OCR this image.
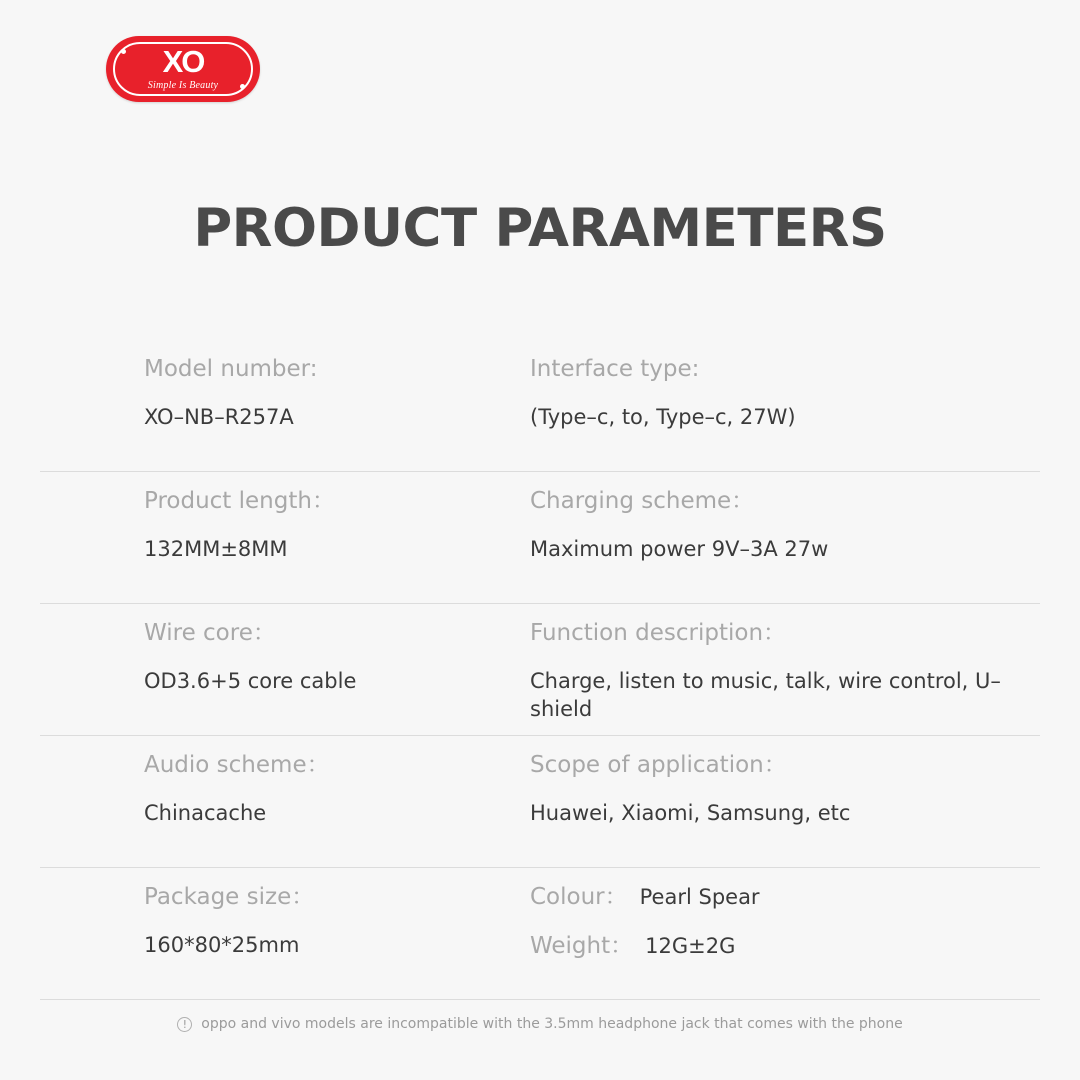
XO
Simple Is Beauty
PRODUCT PARAMETERS
Model number:
XO–NB–R257A
Interface type:
(Type–c, to, Type–c, 27W)
Product length：
132MM±8MM
Charging scheme：
Maximum power 9V–3A 27w
Wire core：
OD3.6+5 core cable
Function description：
Charge, listen to music, talk, wire control, U–shield
Audio scheme：
Chinacache
Scope of application：
Huawei, Xiaomi, Samsung, etc
Package size：
160*80*25mm
Colour： Pearl Spear
Weight： 12G±2G
!	oppo and vivo models are incompatible with the 3.5mm headphone jack that comes with the phone
